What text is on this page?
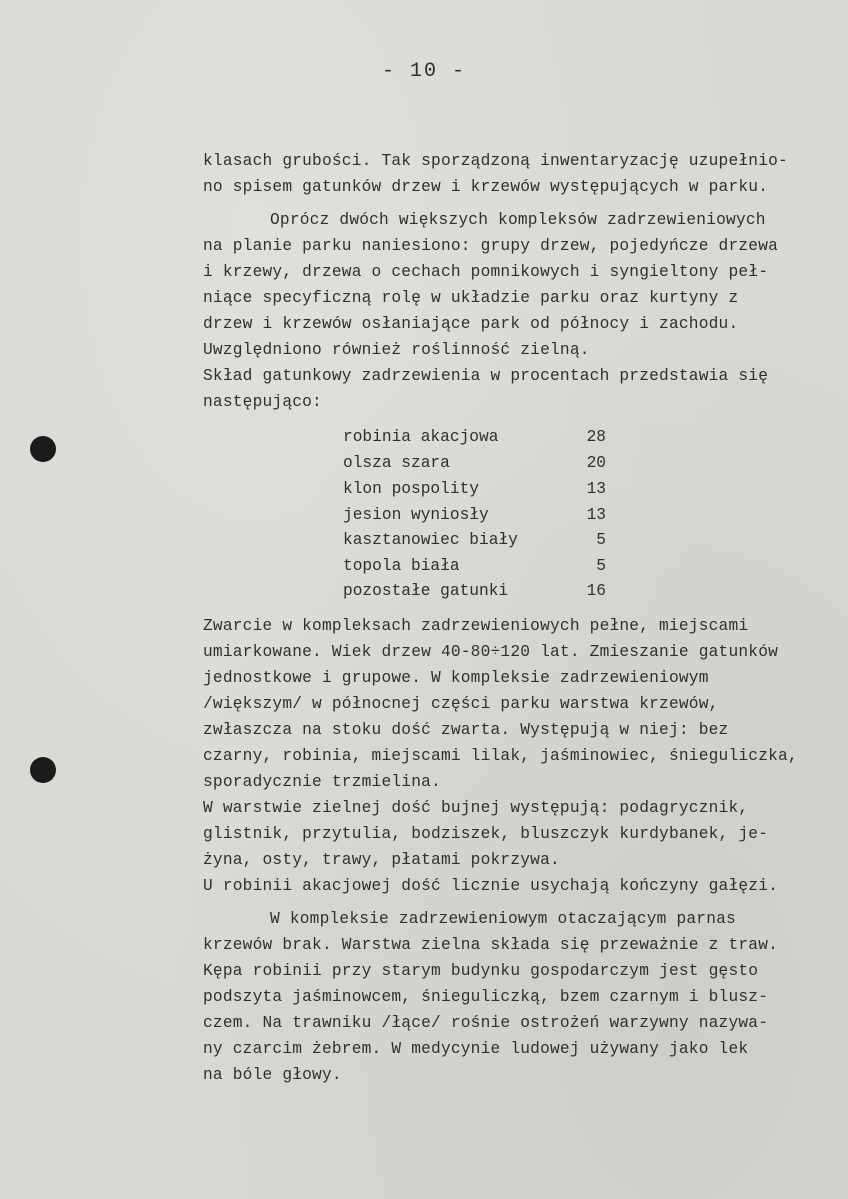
- 10 -
klasach grubości. Tak sporządzoną inwentaryzację uzupełnio-
no spisem gatunków drzew i krzewów występujących w parku.
Oprócz dwóch większych kompleksów zadrzewieniowych
na planie parku naniesiono: grupy drzew, pojedyńcze drzewa
i krzewy, drzewa o cechach pomnikowych i syngieltony peł-
niące specyficzną rolę w układzie parku oraz kurtyny z
drzew i krzewów osłaniające park od północy i zachodu.
Uwzględniono również roślinność zielną.
Skład gatunkowy zadrzewienia w procentach przedstawia się
następująco:
robinia akacjowa	28
olsza szara	20
klon pospolity	13
jesion wyniosły	13
kasztanowiec biały	5
topola biała	5
pozostałe gatunki	16
Zwarcie w kompleksach zadrzewieniowych pełne, miejscami
umiarkowane. Wiek drzew 40-80÷120 lat. Zmieszanie gatunków
jednostkowe i grupowe. W kompleksie zadrzewieniowym
/większym/ w północnej części parku warstwa krzewów,
zwłaszcza na stoku dość zwarta. Występują w niej: bez
czarny, robinia, miejscami lilak, jaśminowiec, śnieguliczka,
sporadycznie trzmielina.
W warstwie zielnej dość bujnej występują: podagrycznik,
glistnik, przytulia, bodziszek, bluszczyk kurdybanek, je-
żyna, osty, trawy, płatami pokrzywa.
U robinii akacjowej dość licznie usychają kończyny gałęzi.
W kompleksie zadrzewieniowym otaczającym parnas
krzewów brak. Warstwa zielna składa się przeważnie z traw.
Kępa robinii przy starym budynku gospodarczym jest gęsto
podszyta jaśminowcem, śnieguliczką, bzem czarnym i blusz-
czem. Na trawniku /łące/ rośnie ostrożeń warzywny nazywa-
ny czarcim żebrem. W medycynie ludowej używany jako lek
na bóle głowy.
